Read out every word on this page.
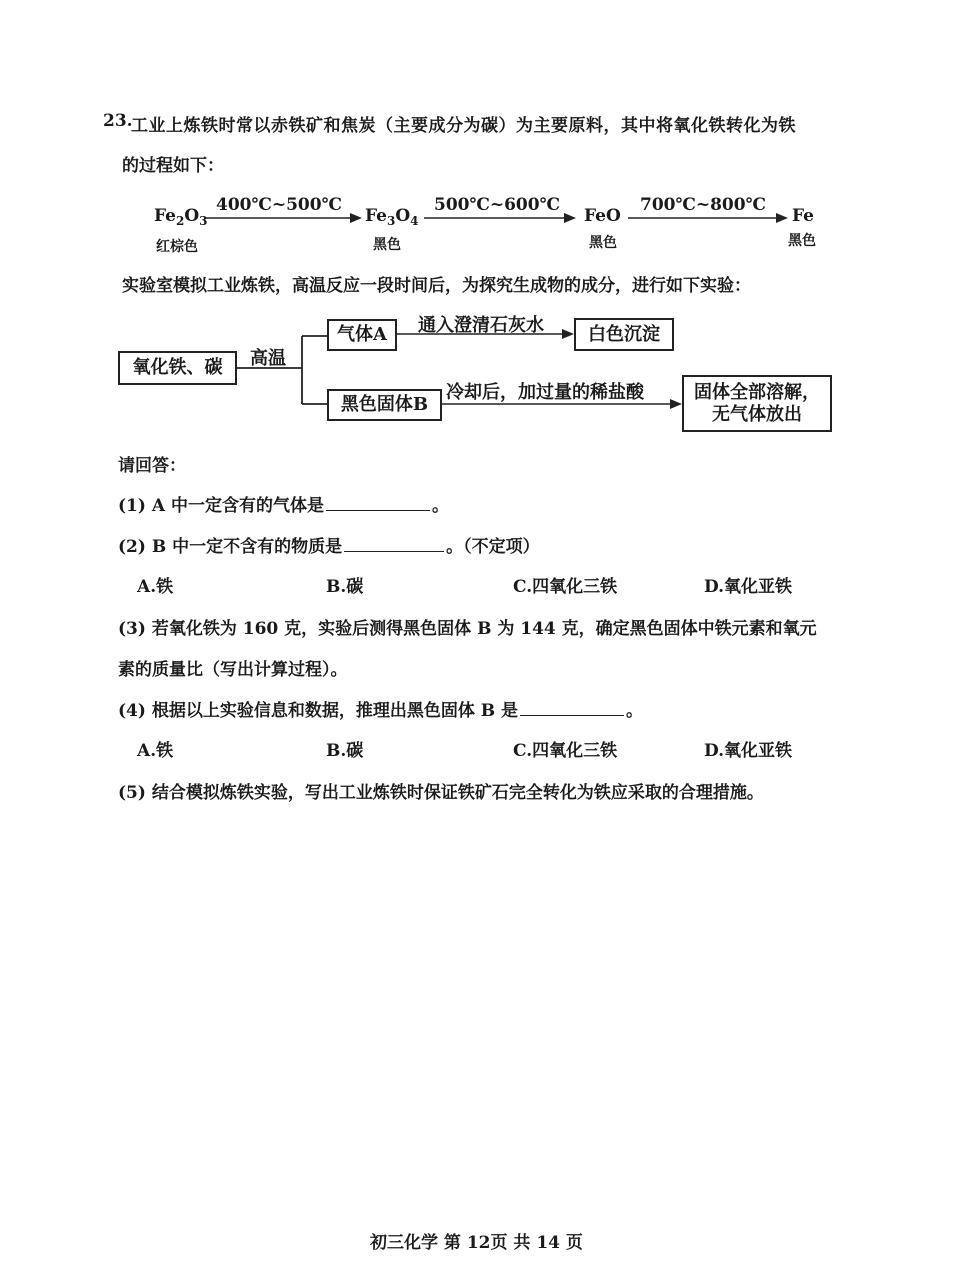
23.
工业上炼铁时常以赤铁矿和焦炭（主要成分为碳）为主要原料，其中将氧化铁转化为铁
的过程如下：
$Fe_2O_3$
红棕色
400℃~500℃
$Fe_3O_4$
黑色
500℃~600℃
FeO
黑色
700℃~800℃
Fe
黑色
实验室模拟工业炼铁，高温反应一段时间后，为探究生成物的成分，进行如下实验：
氧化铁、碳	高温
气体A	通入澄清石灰水	白色沉淀
黑色固体B
冷却后，加过量的稀盐酸	固体全部溶解，
无气体放出
请回答：
(1) A 中一定含有的气体是	。
(2) B 中一定不含有的物质是	。（不定项）
A.铁	B.碳	C.四氧化三铁	D.氧化亚铁
(3) 若氧化铁为 160 克，实验后测得黑色固体 B 为 144 克，确定黑色固体中铁元素和氧元
素的质量比（写出计算过程）。
(4) 根据以上实验信息和数据，推理出黑色固体 B 是	。
A.铁	B.碳	C.四氧化三铁	D.氧化亚铁
(5) 结合模拟炼铁实验，写出工业炼铁时保证铁矿石完全转化为铁应采取的合理措施。
初三化学 第 12页 共 14 页
